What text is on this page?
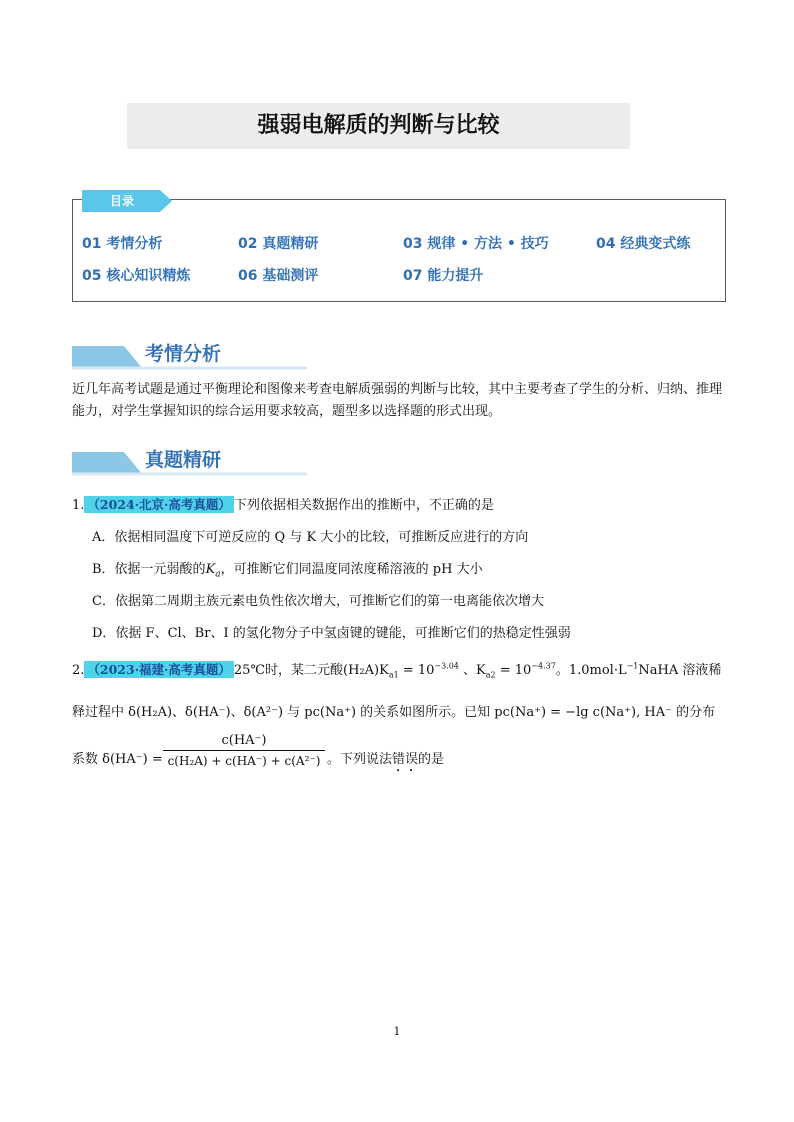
强弱电解质的判断与比较
目录
01 考情分析	02 真题精研	03 规律 • 方法 • 技巧	04 经典变式练
05 核心知识精炼	06 基础测评	07 能力提升
考情分析
近几年高考试题是通过平衡理论和图像来考查电解质强弱的判断与比较，其中主要考查了学生的分析、归纳、推理能力，对学生掌握知识的综合运用要求较高，题型多以选择题的形式出现。
真题精研
1. （2024·北京·高考真题） 下列依据相关数据作出的推断中，不正确的是
A．依据相同温度下可逆反应的 Q 与 K 大小的比较，可推断反应进行的方向
B．依据一元弱酸的$K_a$，可推断它们同温度同浓度稀溶液的 pH 大小
C．依据第二周期主族元素电负性依次增大，可推断它们的第一电离能依次增大
D．依据 F、Cl、Br、I 的氢化物分子中氢卤键的键能，可推断它们的热稳定性强弱
2. （2023·福建·高考真题） 25℃时，某二元酸$(H_2A)K_{a1} = 10^{-3.04}$ 、$K_{a2} = 10^{-4.37}$。$1.0mol\cdot L^{-1}NaHA$ 溶液稀
释过程中 δ(H₂A)、δ(HA⁻)、δ(A²⁻) 与 pc(Na⁺) 的关系如图所示。已知 pc(Na⁺) = −lg c(Na⁺), HA⁻ 的分布
系数 $\delta(HA^-) = \frac{c(HA^-)}{\text{c(H₂A) + c(HA⁻) + c(A²⁻)}}$ 。下列说法错误的是
1
